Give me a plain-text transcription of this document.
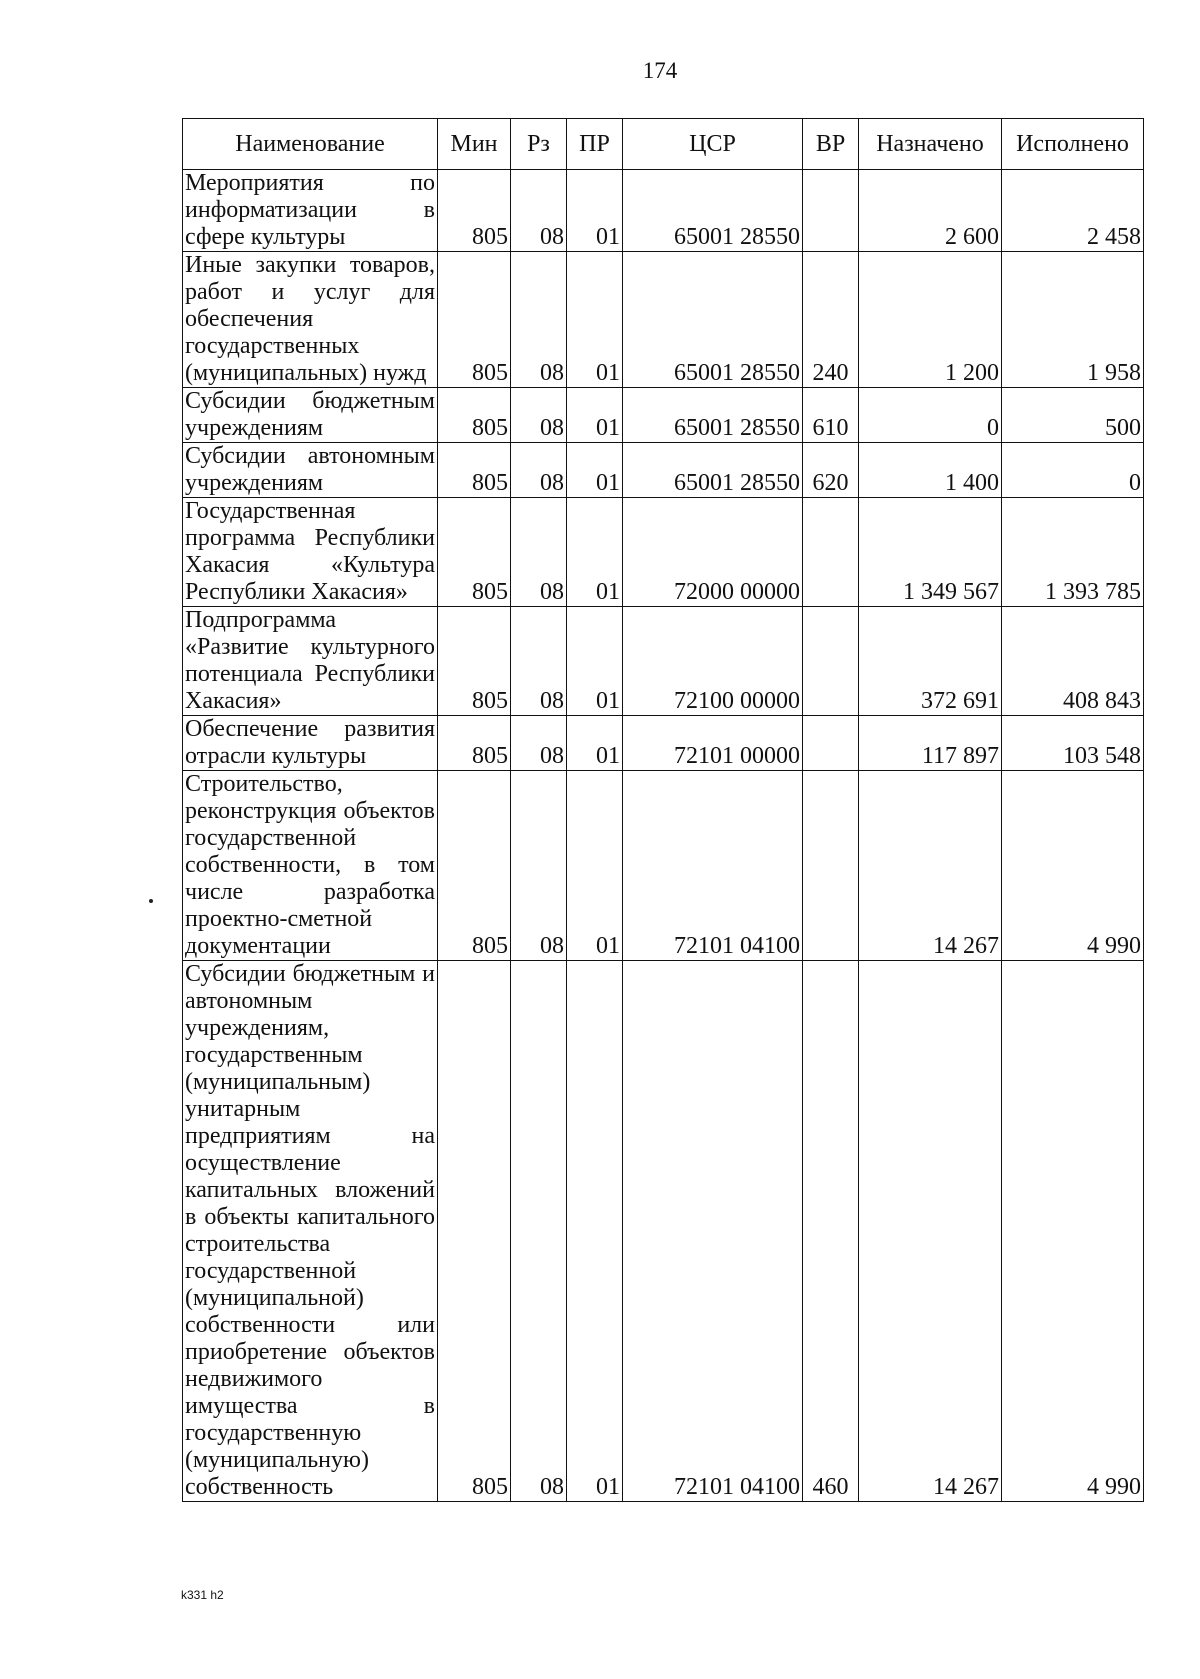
174
Наименование	Мин	Рз	ПР	ЦСР	ВР	Назначено	Исполнено
Мероприятия по информатизации в сфере культуры	805	08	01	65001 28550		2 600	2 458
Иные закупки товаров, работ и услуг для обеспечения государственных (муниципальных) нужд	805	08	01	65001 28550	240	1 200	1 958
Субсидии бюджетным учреждениям	805	08	01	65001 28550	610	0	500
Субсидии автономным учреждениям	805	08	01	65001 28550	620	1 400	0
Государственная программа Республики Хакасия «Культура Республики Хакасия»	805	08	01	72000 00000		1 349 567	1 393 785
Подпрограмма «Развитие культурного потенциала Республики Хакасия»	805	08	01	72100 00000		372 691	408 843
Обеспечение развития отрасли культуры	805	08	01	72101 00000		117 897	103 548
Строительство, реконструкция объектов государственной собственности, в том числе разработка проектно-сметной документации	805	08	01	72101 04100		14 267	4 990
Субсидии бюджетным и автономным учреждениям, государственным (муниципальным) унитарным предприятиям на осуществление капитальных вложений в объекты капитального строительства государственной (муниципальной) собственности или приобретение объектов недвижимого имущества в государственную (муниципальную) собственность	805	08	01	72101 04100	460	14 267	4 990
k331 h2
